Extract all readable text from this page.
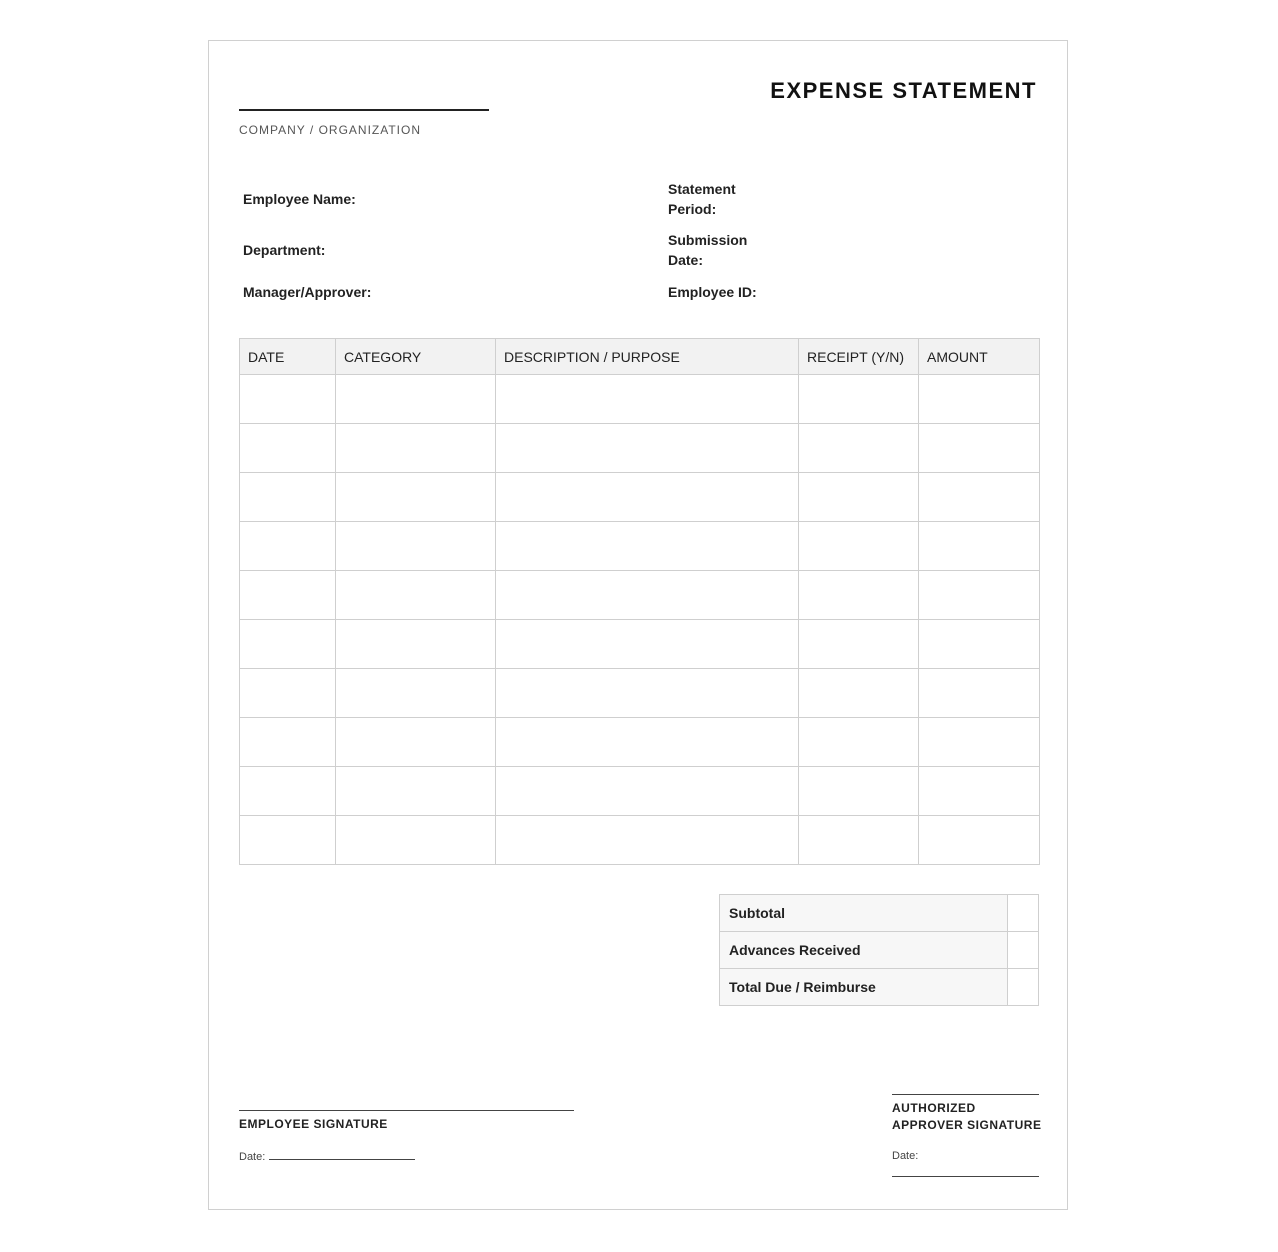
COMPANY / ORGANIZATION
EXPENSE STATEMENT
Employee Name:
Department:
Manager/Approver:
Statement Period:
Submission Date:
Employee ID:
DATE	CATEGORY	DESCRIPTION / PURPOSE	RECEIPT (Y/N)	AMOUNT

Subtotal	
Advances Received	
Total Due / Reimburse	
EMPLOYEE SIGNATURE
Date:
AUTHORIZED
APPROVER SIGNATURE
Date:
